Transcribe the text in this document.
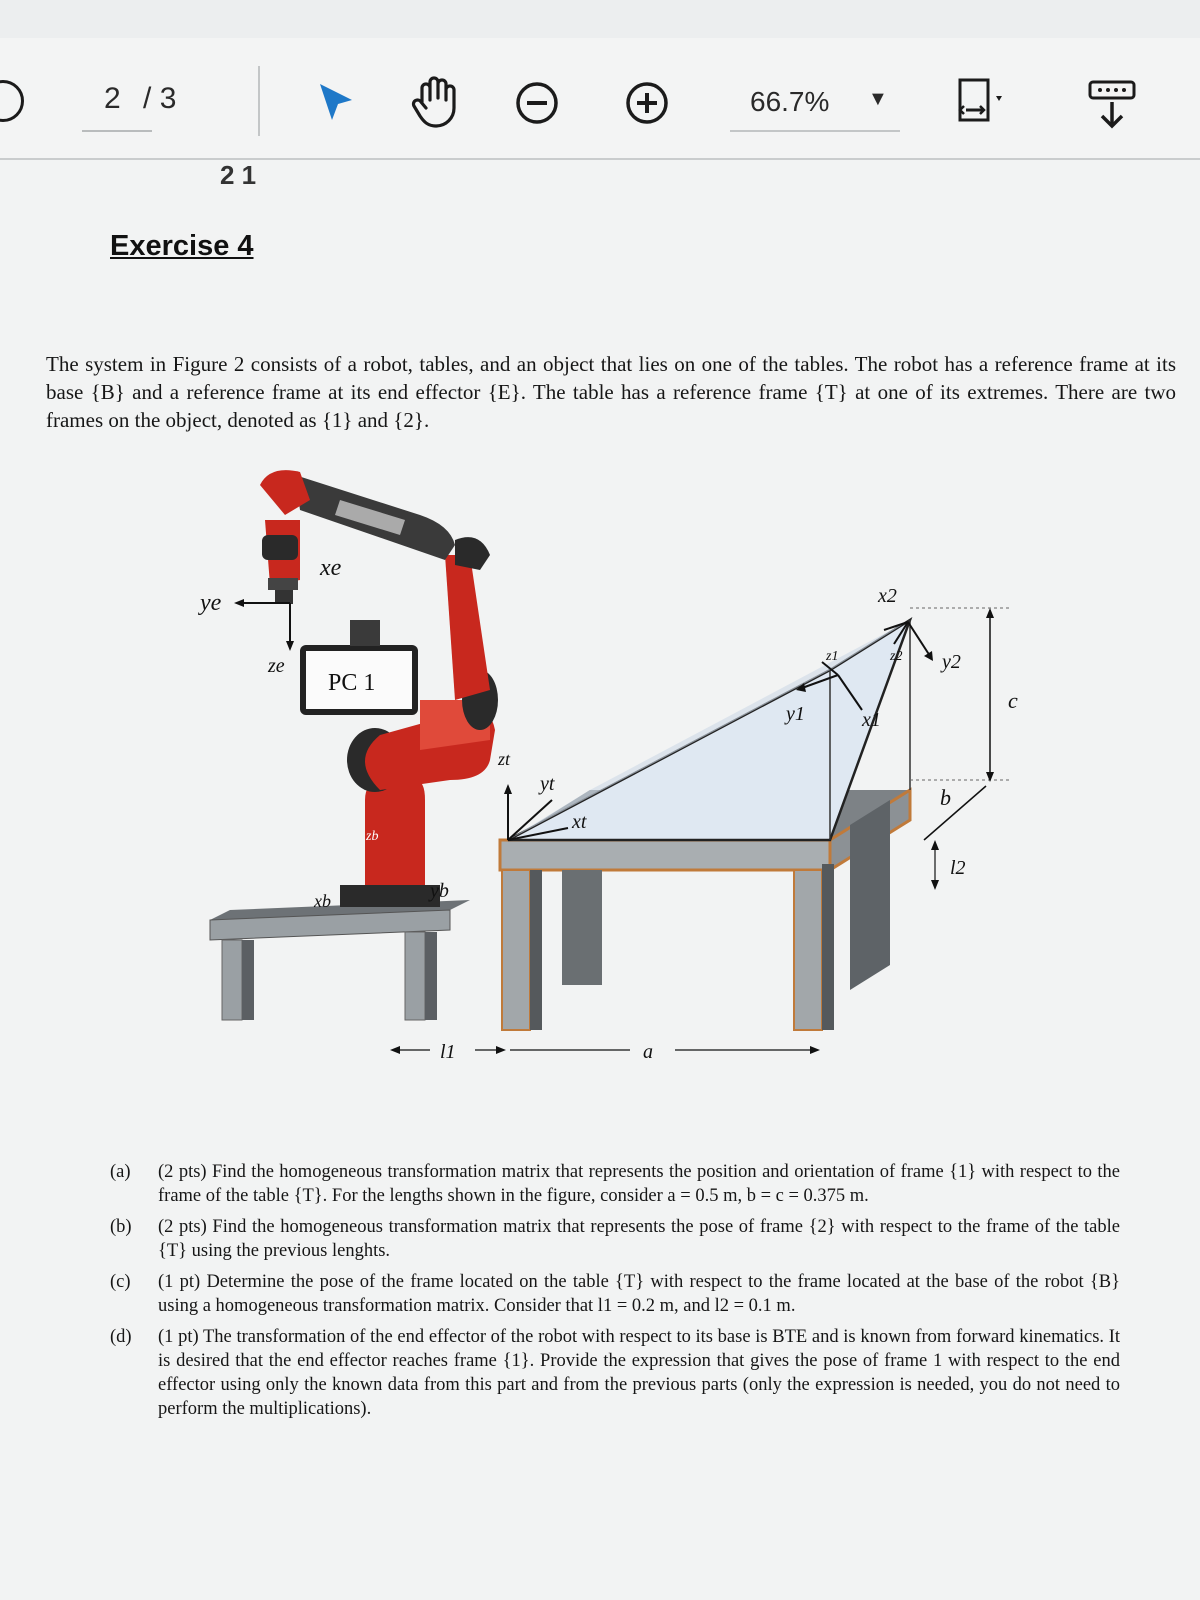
2 / 3	66.7% ▼
2 1
Exercise 4
The system in Figure 2 consists of a robot, tables, and an object that lies on one of the tables. The robot has a reference frame at its base {B} and a reference frame at its end effector {E}. The table has a reference frame {T} at one of its extremes. There are two frames on the object, denoted as {1} and {2}.
PC 1
xe
ye
ze
xb	yb
zb
zt
yt
xt
z1
y1	x1
x2
z2 y2
c
b
l2
l1	a
(a) (2 pts) Find the homogeneous transformation matrix that represents the position and orientation of frame {1} with respect to the frame of the table {T}. For the lengths shown in the figure, consider a = 0.5 m, b = c = 0.375 m.
(b) (2 pts) Find the homogeneous transformation matrix that represents the pose of frame {2} with respect to the frame of the table {T} using the previous lenghts.
(c) (1 pt) Determine the pose of the frame located on the table {T} with respect to the frame located at the base of the robot {B} using a homogeneous transformation matrix. Consider that l1 = 0.2 m, and l2 = 0.1 m.
(d) (1 pt) The transformation of the end effector of the robot with respect to its base is BTE and is known from forward kinematics. It is desired that the end effector reaches frame {1}. Provide the expression that gives the pose of frame 1 with respect to the end effector using only the known data from this part and from the previous parts (only the expression is needed, you do not need to perform the multiplications).
